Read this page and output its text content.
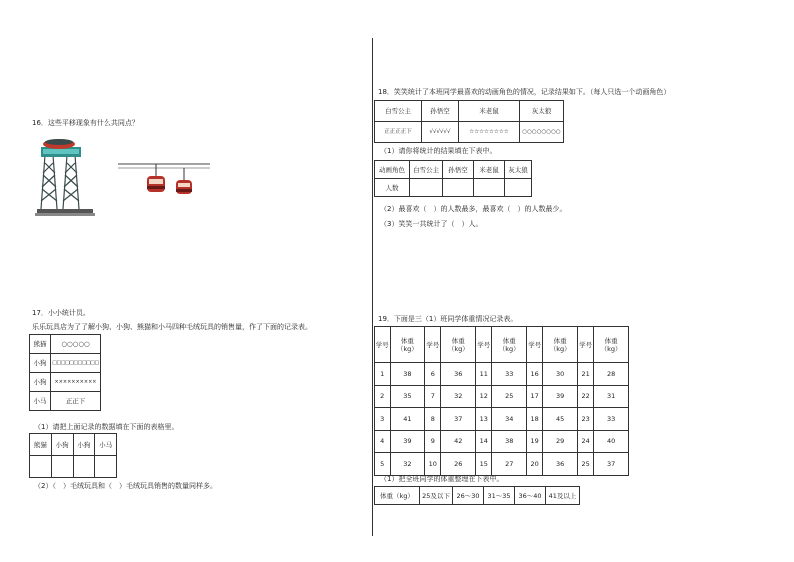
16．这些平移现象有什么共同点？
17．小小统计员。
乐乐玩具店为了了解小狗、小狗、熊猫和小马四种毛绒玩具的销售量，作了下面的记录表。
熊猫	○○○○○
小狗	□□□□□□□□□□□
小狗	××××××××××
小马	正正下
（1）请把上面记录的数据填在下面的表格里。
熊猫	小狗	小狗	小马

（2）（　）毛绒玩具和（　）毛绒玩具销售的数量同样多。
18．笑笑统计了本班同学最喜欢的动画角色的情况，记录结果如下。（每人只选一个动画角色）
白雪公主	孙悟空	米老鼠	灰太狼
正正正正下	√√√√√√	☆☆☆☆☆☆☆☆	○○○○○○○○
（1）请你将统计的结果填在下表中。
动画角色	白雪公主	孙悟空	米老鼠	灰太狼
人数				
（2）最喜欢（　）的人数最多，最喜欢（　）的人数最少。
（3）笑笑一共统计了（　）人。
19．下面是三（1）班同学体重情况记录表。
学号	体重（kg）	学号	体重（kg）	学号	体重（kg）	学号	体重（kg）	学号	体重（kg）
1	38	6	36	11	33	16	30	21	28
2	35	7	32	12	25	17	39	22	31
3	41	8	37	13	34	18	45	23	33
4	39	9	42	14	38	19	29	24	40
5	32	10	26	15	27	20	36	25	37
（1）把全班同学的体重整理在下表中。
体重（kg）	25及以下	26～30	31～35	36～40	41及以上
